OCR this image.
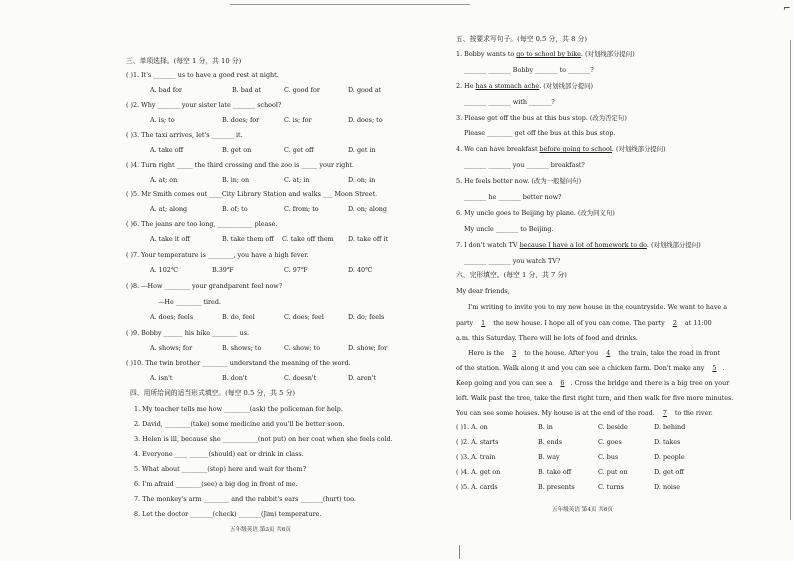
⌐
三、单项选择。(每空 1 分，共 10 分)
( )1. It's _______ us to have a good rest at night.
A. bad for	B. bad at	C. good for	D. good at
( )2. Why _______ your sister late _______ school?
A. is; to	B. does; for	C. is; for	D. does; to
( )3. The taxi arrives, let's _______ it.
A. take off	B. get on	C. get off	D. get in
( )4. Turn right _____ the third crossing and the zoo is _____ your right.
A. at; on	B. in; on	C. at; in	D. on; in
( )5. Mr Smith comes out ____City Library Station and walks ___ Moon Street.
A. at; along	B. of; to	C. from; to	D. on; along
( )6. The jeans are too long, ___________ please.
A. take it off	B. take them off C. take off them D. take off it
( )7. Your temperature is ________, you have a high fever.
A. 102℃	B.39℉	C. 97℉	D. 40℃
( )8. —How ________ your grandparent feel now?
—He ________ tired.
A. does; feels	B. do, feel	C. does; feel	D. do; feels
( )9. Bobby ______ his bike ________ us.
A. shows; for	B. shows; to	C. show; to	D. show; for
( )10. The twin brother ________ understand the meaning of the word.
A. isn't	B. don't	C. doesn't	D. aren't
四、用所给词的适当形式填空。(每空 0.5 分，共 5 分)
1. My teacher tells me how ________(ask) the policeman for help.
2. David, ________(take) some medicine and you'll be better soon.
3. Helen is ill, because she ___________(not put) on her coat when she feels cold.
4. Everyone ____ ______(should) eat or drink in class.
5. What about ________(stop) here and wait for them?
6. I'm afraid ________(see) a big dog in front of me.
7. The monkey's arm ________ and the rabbit's ears _______(hurt) too.
8. Let the doctor _______(check) _______(Jim) temperature.
五年级英语 第3页 共6页
五、按要求写句子。(每空 0.5 分，共 8 分)
1. Bobby wants to go to school by bike. (对划线部分提问)
_______ _______ Bobby _______ to _______?
2. He has a stomach ache. (对划线部分提问)
_______ _______ with _______?
3. Please get off the bus at this bus stop. (改为否定句)
Please ________ get off the bus at this bus stop.
4. We can have breakfast before going to school. (对划线部分提问)
_______ _______ you _______ breakfast?
5. He feels better now. (改为一般疑问句)
_______ he _______ better now?
6. My uncle goes to Beijing by plane. (改为同义句)
My uncle _______ to Beijing.
7. I don't watch TV because I have a lot of homework to do. (对划线部分提问)
_______ _______ you watch TV?
六、完形填空。(每空 1 分，共 7 分)
My dear friends,
I'm writing to invite you to my new house in the countryside. We want to have a
party 1 the new house. I hope all of you can come. The party 2 at 11:00
a.m. this Saturday. There will be lots of food and drinks.
Here is the 3 to the house. After you 4 the train, take the road in front
of the station. Walk along it and you can see a chicken farm. Don't make any 5 .
Keep going and you can see a 6 . Cross the bridge and there is a big tree on your
left. Walk past the tree, take the first right turn, and then walk for five more minutes.
You can see some houses. My house is at the end of the road. 7 to the river.
( )1. A. on	B. in	C. beside	D. behind
( )2. A. starts	B. ends	C. goes	D. takes
( )3. A. train	B. way	C. bus	D. people
( )4. A. get on	B. take off	C. put on	D. get off
( )5. A. cards	B. presents	C. turns	D. noise
五年级英语 第4页 共6页
